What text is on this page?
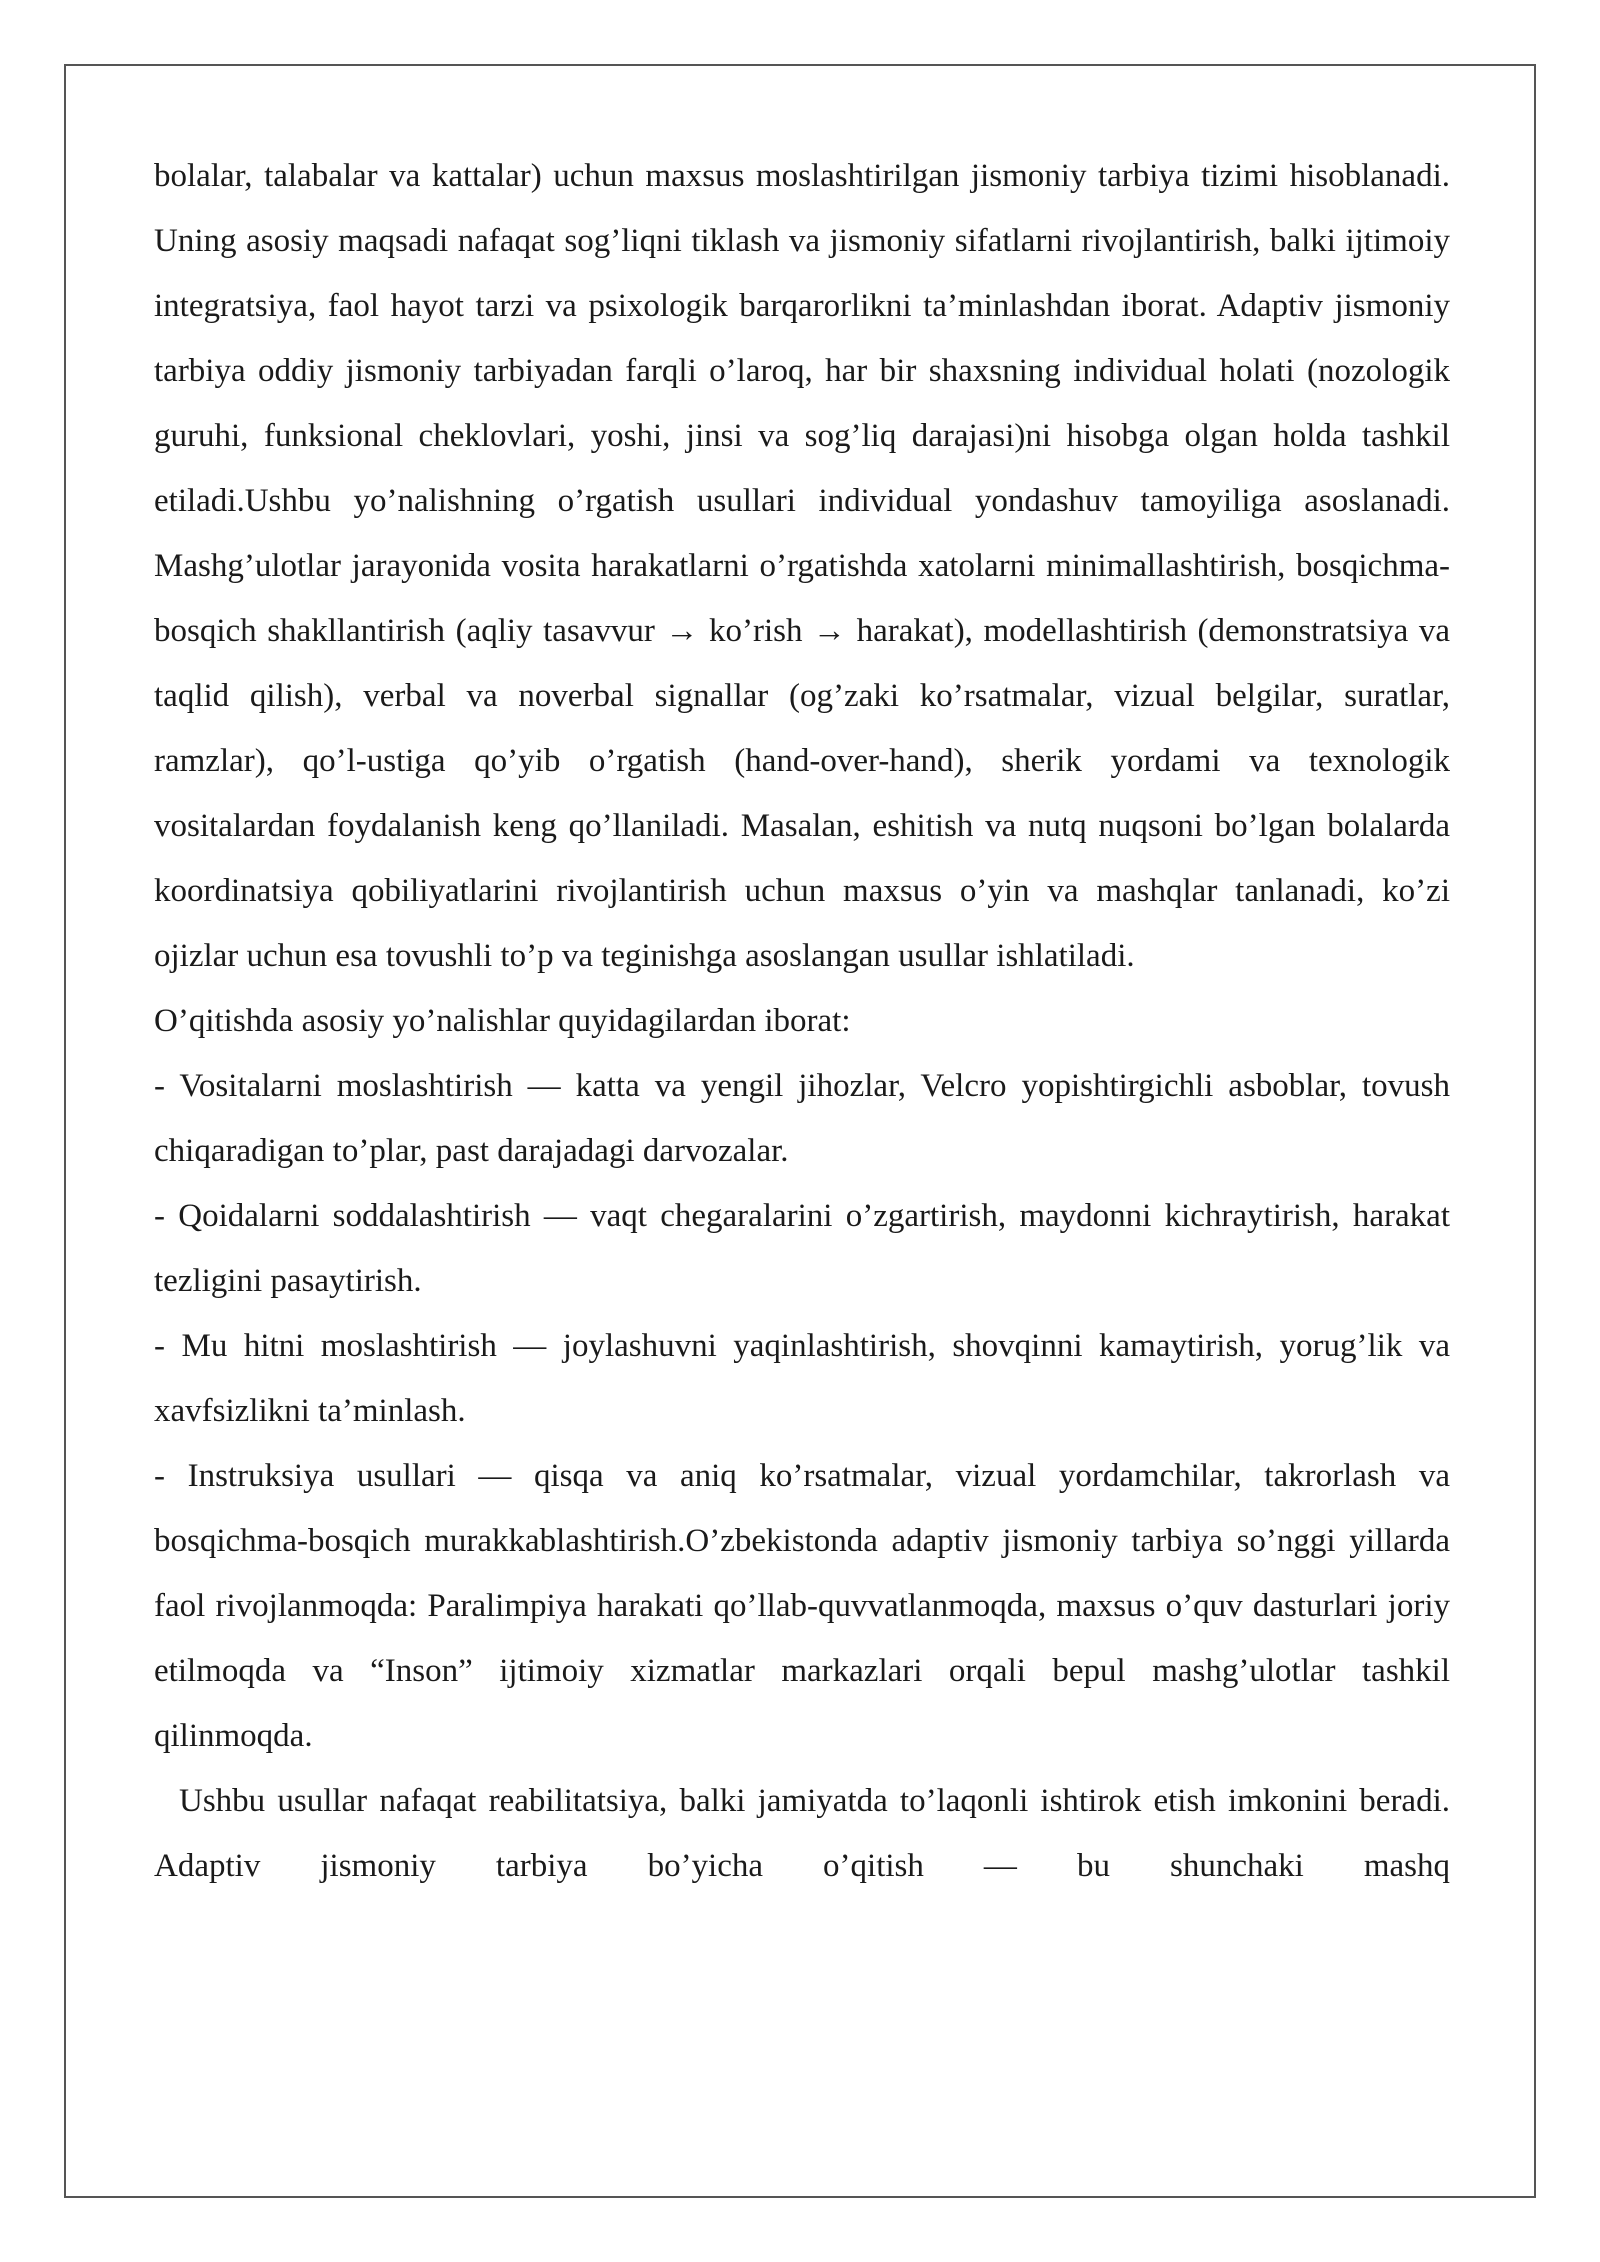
bolalar, talabalar va kattalar) uchun maxsus moslashtirilgan jismoniy tarbiya tizimi hisoblanadi. Uning asosiy maqsadi nafaqat sog’liqni tiklash va jismoniy sifatlarni rivojlantirish, balki ijtimoiy integratsiya, faol hayot tarzi va psixologik barqarorlikni ta’minlashdan iborat. Adaptiv jismoniy tarbiya oddiy jismoniy tarbiyadan farqli o’laroq, har bir shaxsning individual holati (nozologik guruhi, funksional cheklovlari, yoshi, jinsi va sog’liq darajasi)ni hisobga olgan holda tashkil etiladi.Ushbu yo’nalishning o’rgatish usullari individual yondashuv tamoyiliga asoslanadi. Mashg’ulotlar jarayonida vosita harakatlarni o’rgatishda xatolarni minimallashtirish, bosqichma-bosqich shakllantirish (aqliy tasavvur → ko’rish → harakat), modellashtirish (demonstratsiya va taqlid qilish), verbal va noverbal signallar (og’zaki ko’rsatmalar, vizual belgilar, suratlar, ramzlar), qo’l-ustiga qo’yib o’rgatish (hand-over-hand), sherik yordami va texnologik vositalardan foydalanish keng qo’llaniladi. Masalan, eshitish va nutq nuqsoni bo’lgan bolalarda koordinatsiya qobiliyatlarini rivojlantirish uchun maxsus o’yin va mashqlar tanlanadi, ko’zi ojizlar uchun esa tovushli to’p va teginishga asoslangan usullar ishlatiladi.

O’qitishda asosiy yo’nalishlar quyidagilardan iborat:

- Vositalarni moslashtirish — katta va yengil jihozlar, Velcro yopishtirgichli asboblar, tovush chiqaradigan to’plar, past darajadagi darvozalar.

- Qoidalarni soddalashtirish — vaqt chegaralarini o’zgartirish, maydonni kichraytirish, harakat tezligini pasaytirish.

- Mu hitni moslashtirish — joylashuvni yaqinlashtirish, shovqinni kamaytirish, yorug’lik va xavfsizlikni ta’minlash.

- Instruksiya usullari — qisqa va aniq ko’rsatmalar, vizual yordamchilar, takrorlash va bosqichma-bosqich murakkablashtirish.O’zbekistonda adaptiv jismoniy tarbiya so’nggi yillarda faol rivojlanmoqda: Paralimpiya harakati qo’llab-quvvatlanmoqda, maxsus o’quv dasturlari joriy etilmoqda va “Inson” ijtimoiy xizmatlar markazlari orqali bepul mashg’ulotlar tashkil qilinmoqda.

Ushbu usullar nafaqat reabilitatsiya, balki jamiyatda to’laqonli ishtirok etish imkonini beradi. Adaptiv jismoniy tarbiya bo’yicha o’qitish — bu shunchaki mashq
